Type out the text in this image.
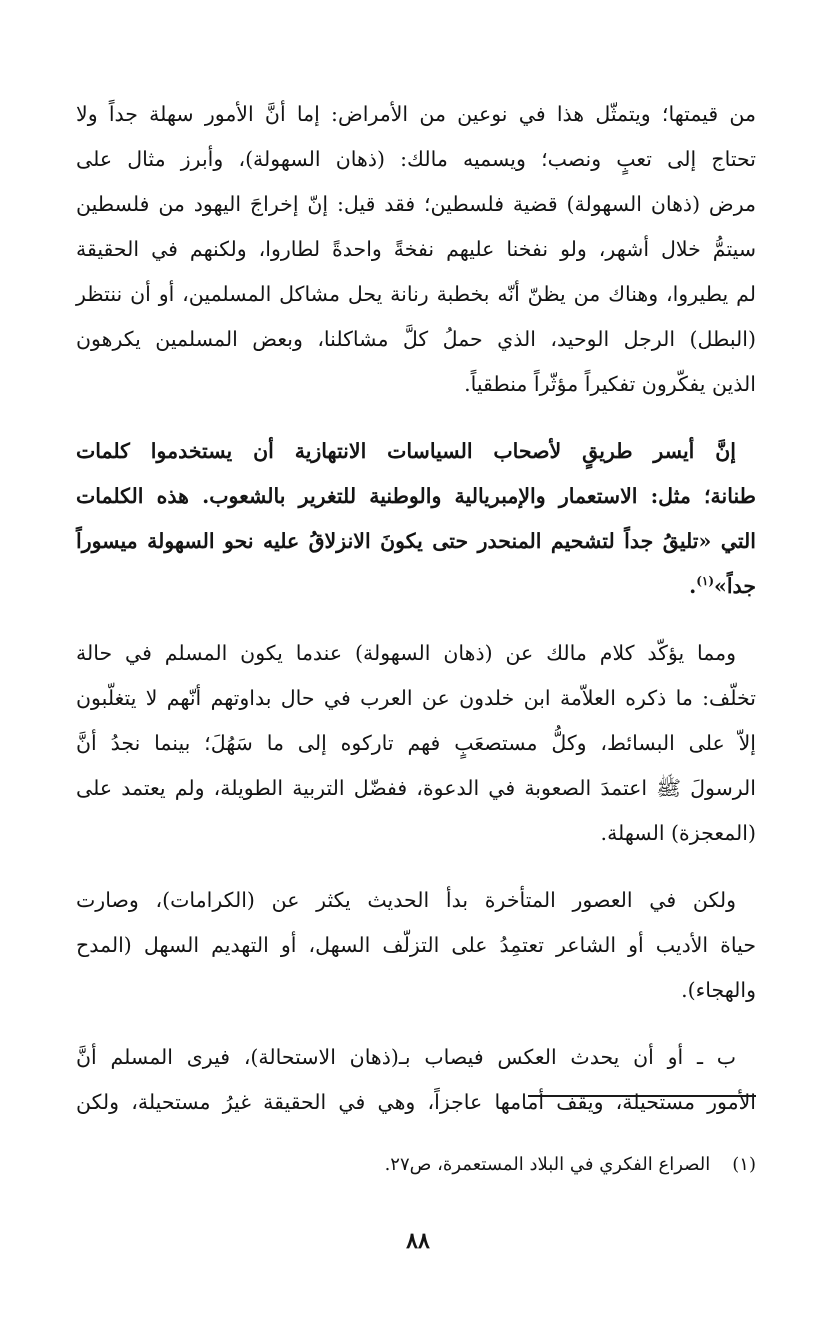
من قيمتها؛ ويتمثّل هذا في نوعين من الأمراض: إما أنَّ الأمور سهلة جداً ولا
تحتاج إلى تعبٍ ونصب؛ ويسميه مالك: (ذهان السهولة)، وأبرز مثال على
مرض (ذهان السهولة) قضية فلسطين؛ فقد قيل: إنّ إخراجَ اليهود من فلسطين
سيتمُّ خلال أشهر، ولو نفخنا عليهم نفخةً واحدةً لطاروا، ولكنهم في الحقيقة
لم يطيروا، وهناك من يظنّ أنّه بخطبة رنانة يحل مشاكل المسلمين، أو أن ننتظر
(البطل) الرجل الوحيد، الذي حملُ كلَّ مشاكلنا، وبعض المسلمين يكرهون
الذين يفكّرون تفكيراً مؤثّراً منطقياً.

إنَّ أيسر طريقٍ لأصحاب السياسات الانتهازية أن يستخدموا كلمات
طنانة؛ مثل: الاستعمار والإمبريالية والوطنية للتغرير بالشعوب. هذه الكلمات
التي «تليقُ جداً لتشحيم المنحدر حتى يكونَ الانزلاقُ عليه نحو السهولة ميسوراً
جداً»$^{(١)}$.

ومما يؤكّد كلام مالك عن (ذهان السهولة) عندما يكون المسلم في حالة
تخلّف: ما ذكره العلاّمة ابن خلدون عن العرب في حال بداوتهم أنّهم لا يتغلّبون
إلاّ على البسائط، وكلُّ مستصعَبٍ فهم تاركوه إلى ما سَهُلَ؛ بينما نجدُ أنَّ
الرسولَ ﷺ اعتمدَ الصعوبة في الدعوة، ففضّل التربية الطويلة، ولم يعتمد على
(المعجزة) السهلة.

ولكن في العصور المتأخرة بدأ الحديث يكثر عن (الكرامات)، وصارت
حياة الأديب أو الشاعر تعتمِدُ على التزلّف السهل، أو التهديم السهل (المدح
والهجاء).

ب ـ أو أن يحدث العكس فيصاب بـ(ذهان الاستحالة)، فيرى المسلم أنَّ
الأمور مستحيلة، ويقف أمامها عاجزاً، وهي في الحقيقة غيرُ مستحيلة، ولكن

(١)الصراع الفكري في البلاد المستعمرة، ص٢٧.
٨٨
